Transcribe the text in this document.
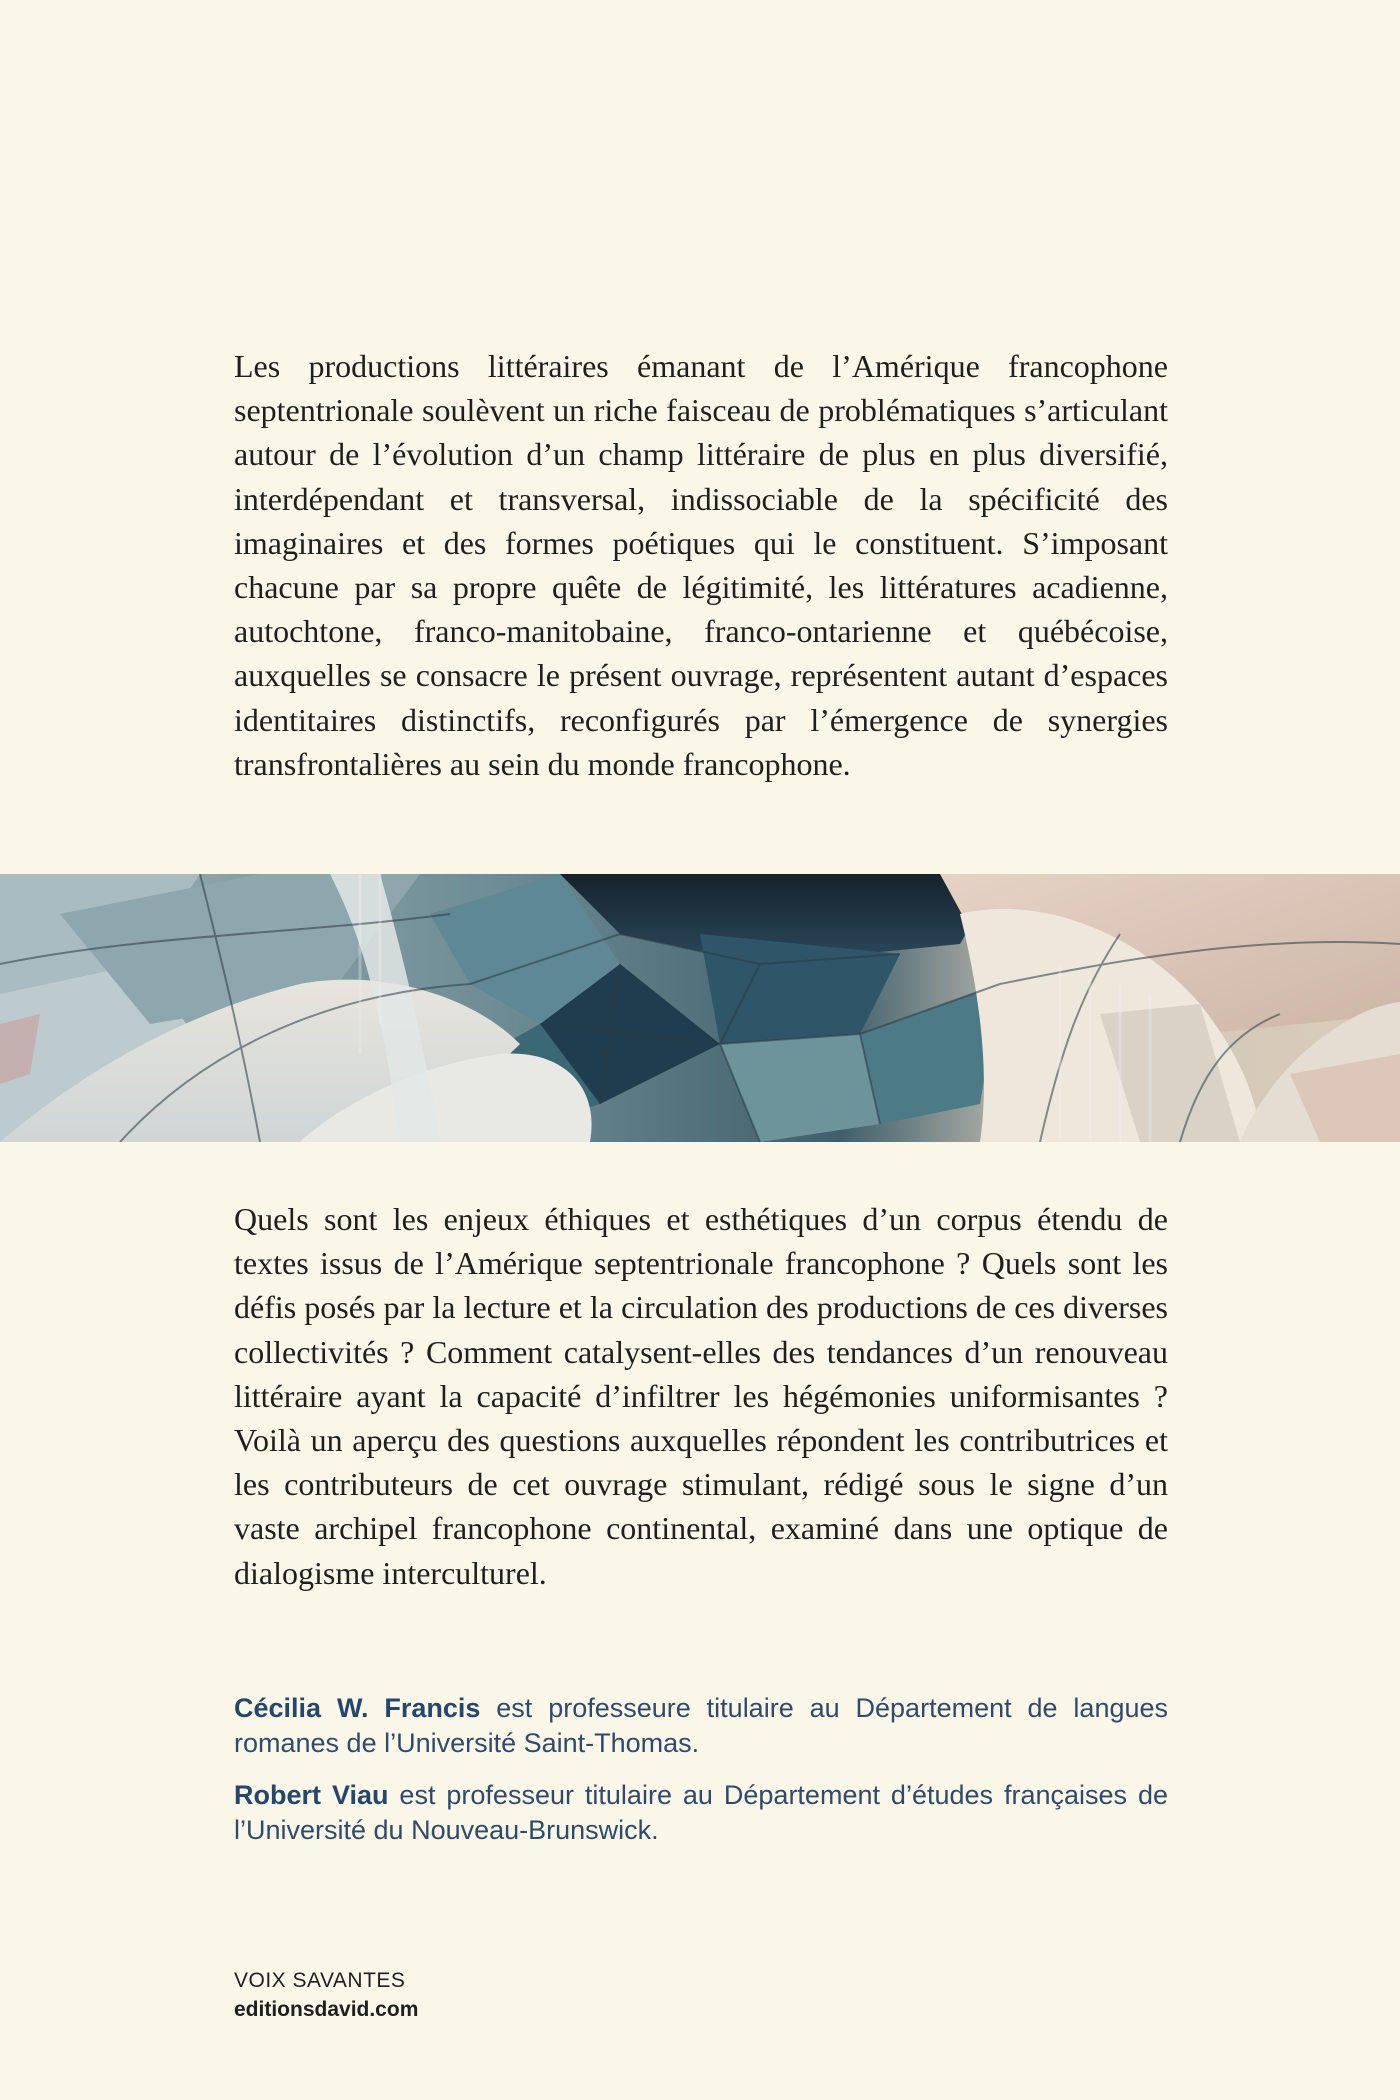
Les productions littéraires émanant de l’Amérique francophone septentrionale soulèvent un riche faisceau de problématiques s’articulant autour de l’évolution d’un champ littéraire de plus en plus diversifié, interdépendant et transversal, indissociable de la spécificité des imaginaires et des formes poétiques qui le constituent. S’imposant chacune par sa propre quête de légitimité, les littératures acadienne, autochtone, franco-manitobaine, franco-ontarienne et québécoise, auxquelles se consacre le présent ouvrage, représentent autant d’espaces identitaires distinctifs, reconfigurés par l’émergence de synergies transfrontalières au sein du monde francophone.

Quels sont les enjeux éthiques et esthétiques d’un corpus étendu de textes issus de l’Amérique septentrionale francophone ? Quels sont les défis posés par la lecture et la circulation des productions de ces diverses collectivités ? Comment catalysent-elles des tendances d’un renouveau littéraire ayant la capacité d’infiltrer les hégémonies uniformisantes ? Voilà un aperçu des questions auxquelles répondent les contributrices et les contributeurs de cet ouvrage stimulant, rédigé sous le signe d’un vaste archipel francophone continental, examiné dans une optique de dialogisme interculturel.

Cécilia W. Francis est professeure titulaire au Département de langues romanes de l’Université Saint-Thomas.

Robert Viau est professeur titulaire au Département d’études françaises de l’Université du Nouveau-Brunswick.

VOIX SAVANTES
editionsdavid.com
